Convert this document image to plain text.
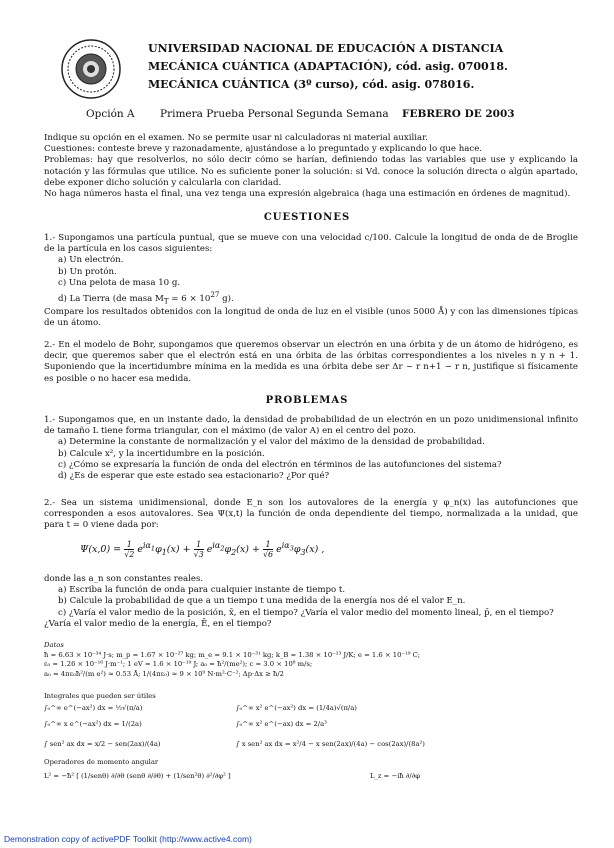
UNIVERSIDAD NACIONAL DE EDUCACIÓN A DISTANCIA
MECÁNICA CUÁNTICA (ADAPTACIÓN), cód. asig. 070018.
MECÁNICA CUÁNTICA (3º curso), cód. asig. 078016.
Opción A Primera Prueba Personal Segunda Semana FEBRERO DE 2003
Indique su opción en el examen. No se permite usar ni calculadoras ni material auxiliar.
Cuestiones: conteste breve y razonadamente, ajustándose a lo preguntado y explicando lo que hace.
Problemas: hay que resolverlos, no sólo decir cómo se harían, definiendo todas las variables que use y explicando la notación y las fórmulas que utilice. No es suficiente poner la solución: si Vd. conoce la solución directa o algún apartado, debe exponer dicho solución y calcularla con claridad.
No haga números hasta el final, una vez tenga una expresión algebraica (haga una estimación en órdenes de magnitud).
CUESTIONES
1.- Supongamos una partícula puntual, que se mueve con una velocidad c/100. Calcule la longitud de onda de de Broglie de la partícula en los casos siguientes:
a) Un electrón.
b) Un protón.
c) Una pelota de masa 10 g.
d) La Tierra (de masa $M_T = 6 \times 10^{27}$ g).
Compare los resultados obtenidos con la longitud de onda de luz en el visible (unos 5000 Å) y con las dimensiones típicas de un átomo.
2.- En el modelo de Bohr, supongamos que queremos observar un electrón en una órbita y de un átomo de hidrógeno, es decir, que queremos saber que el electrón está en una órbita de las órbitas correspondientes a los niveles n y n + 1. Suponiendo que la incertidumbre mínima en la medida es una órbita debe ser Δr ~ r n+1 − r n, justifique si físicamente es posible o no hacer esa medida.
PROBLEMAS
1.- Supongamos que, en un instante dado, la densidad de probabilidad de un electrón en un pozo unidimensional infinito de tamaño L tiene forma triangular, con el máximo (de valor A) en el centro del pozo.
a) Determine la constante de normalización y el valor del máximo de la densidad de probabilidad.
b) Calcule x², y la incertidumbre en la posición.
c) ¿Cómo se expresaría la función de onda del electrón en términos de las autofunciones del sistema?
d) ¿Es de esperar que este estado sea estacionario? ¿Por qué?
2.- Sea un sistema unidimensional, donde E_n son los autovalores de la energía y φ_n(x) las autofunciones que corresponden a esos autovalores. Sea Ψ(x,t) la función de onda dependiente del tiempo, normalizada a la unidad, que para t = 0 viene dada por:
$\Psi(x,0) = \frac{1}{√2} e^{i\alpha_1}\varphi_1(x) + \frac{1}{√3} e^{i\alpha_2}\varphi_2(x) + \frac{1}{√6} e^{i\alpha_3}\varphi_3(x)$ ,
donde las a_n son constantes reales.
a) Escriba la función de onda para cualquier instante de tiempo t.
b) Calcule la probabilidad de que a un tiempo t una medida de la energía nos dé el valor E_n.
c) ¿Varía el valor medio de la posición, x̄, en el tiempo? ¿Varía el valor medio del momento lineal, p̄, en el tiempo?
¿Varía el valor medio de la energía, Ē, en el tiempo?
Datos
ħ = 6.63 × 10⁻³⁴ J·s; m_p = 1.67 × 10⁻²⁷ kg; m_e = 9.1 × 10⁻³¹ kg; k_B = 1.38 × 10⁻²³ J/K; e = 1.6 × 10⁻¹⁹ C;
ε₀ = 1.26 × 10⁻¹⁶ J·m⁻¹; 1 eV = 1.6 × 10⁻¹⁹ J; a₀ = ħ²/(me²); c = 3.0 × 10⁸ m/s;
a₀ = 4πε₀ħ²/(m e²) ≈ 0.53 Å; 1/(4πε₀) ≈ 9 × 10⁹ N·m²·C⁻²; Δp·Δx ≥ ħ/2
Integrales que pueden ser útiles
∫₀^∞ e^(−ax²) dx = ½√(π/a)	∫₀^∞ x² e^(−ax²) dx = (1/4a)√(π/a)
∫₀^∞ x e^(−ax²) dx = 1/(2a)	∫₀^∞ x² e^(−ax) dx = 2/a³
∫ sen² ax dx = x/2 − sen(2ax)/(4a)	∫ x sen² ax dx = x²/4 − x sen(2ax)/(4a) − cos(2ax)/(8a²)
Operadores de momento angular
L² = −ħ² [ (1/senθ) ∂/∂θ (senθ ∂/∂θ) + (1/sen²θ) ∂²/∂φ² ]	L_z = −iħ ∂/∂φ
Demonstration copy of activePDF Toolkit (http://www.active4.com)
